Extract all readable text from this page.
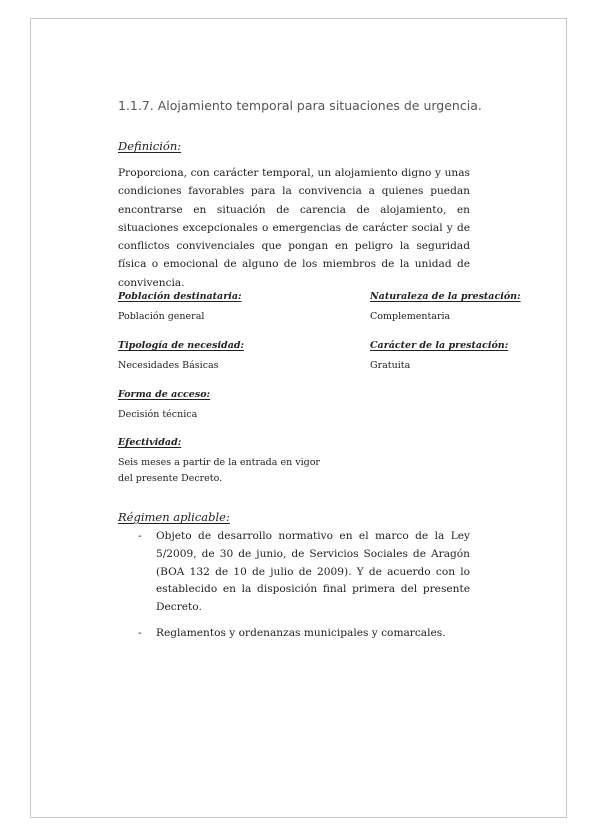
1.1.7. Alojamiento temporal para situaciones de urgencia.
Definición:

Proporciona, con carácter temporal, un alojamiento digno y unas condiciones favorables para la convivencia a quienes puedan encontrarse en situación de carencia de alojamiento, en situaciones excepcionales o emergencias de carácter social y de conflictos convivenciales que pongan en peligro la seguridad física o emocional de alguno de los miembros de la unidad de convivencia.

Población destinataria:
Población general
Naturaleza de la prestación:
Complementaria
Tipología de necesidad:
Necesidades Básicas
Carácter de la prestación:
Gratuita
Forma de acceso:
Decisión técnica
Efectividad:
Seis meses a partir de la entrada en vigor
del presente Decreto.
Régimen aplicable:
- Objeto de desarrollo normativo en el marco de la Ley 5/2009, de 30 de junio, de Servicios Sociales de Aragón (BOA 132 de 10 de julio de 2009). Y de acuerdo con lo establecido en la disposición final primera del presente Decreto.
- Reglamentos y ordenanzas municipales y comarcales.
